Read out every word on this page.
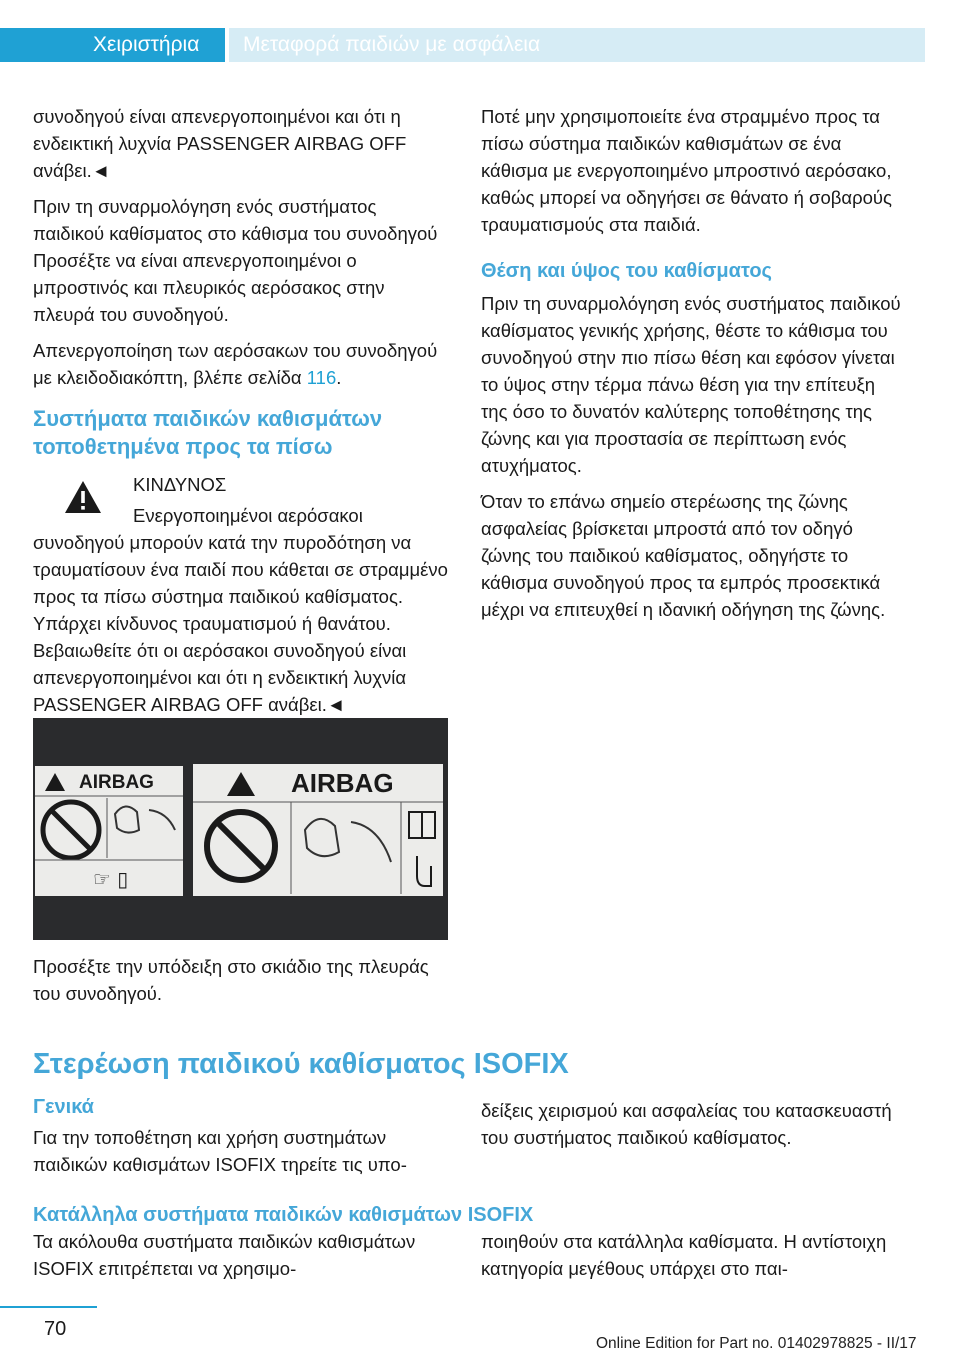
Χειριστήρια	Μεταφορά παιδιών με ασφάλεια

συνοδηγού είναι απενεργοποιημένοι και ότι η ενδεικτική λυχνία PASSENGER AIRBAG OFF ανάβει.◄

Πριν τη συναρμολόγηση ενός συστήματος παιδικού καθίσματος στο κάθισμα του συνοδηγού Προσέξτε να είναι απενεργοποιημένοι ο μπροστινός και πλευρικός αερόσακος στην πλευρά του συνοδηγού.

Απενεργοποίηση των αερόσακων του συνοδηγού με κλειδοδιακόπτη, βλέπε σελίδα 116.

Συστήματα παιδικών καθισμάτων τοποθετημένα προς τα πίσω
ΚΙΝΔΥΝΟΣ

Ενεργοποιημένοι αερόσακοι συνοδηγού μπορούν κατά την πυροδότηση να τραυματίσουν ένα παιδί που κάθεται σε στραμμένο προς τα πίσω σύστημα παιδικού καθίσματος. Υπάρχει κίνδυνος τραυματισμού ή θανάτου. Βεβαιωθείτε ότι οι αερόσακοι συνοδηγού είναι απενεργοποιημένοι και ότι η ενδεικτική λυχνία PASSENGER AIRBAG OFF ανάβει.◄

AIRBAG
☞ ▯
AIRBAG

Προσέξτε την υπόδειξη στο σκιάδιο της πλευράς του συνοδηγού.

Ποτέ μην χρησιμοποιείτε ένα στραμμένο προς τα πίσω σύστημα παιδικών καθισμάτων σε ένα κάθισμα με ενεργοποιημένο μπροστινό αερόσακο, καθώς μπορεί να οδηγήσει σε θάνατο ή σοβαρούς τραυματισμούς στα παιδιά.

Θέση και ύψος του καθίσματος

Πριν τη συναρμολόγηση ενός συστήματος παιδικού καθίσματος γενικής χρήσης, θέστε το κάθισμα του συνοδηγού στην πιο πίσω θέση και εφόσον γίνεται το ύψος στην τέρμα πάνω θέση για την επίτευξη της όσο το δυνατόν καλύτερης τοποθέτησης της ζώνης και για προστασία σε περίπτωση ενός ατυχήματος.

Όταν το επάνω σημείο στερέωσης της ζώνης ασφαλείας βρίσκεται μπροστά από τον οδηγό ζώνης του παιδικού καθίσματος, οδηγήστε το κάθισμα συνοδηγού προς τα εμπρός προσεκτικά μέχρι να επιτευχθεί η ιδανική οδήγηση της ζώνης.

Στερέωση παιδικού καθίσματος ISOFIX
Γενικά

Για την τοποθέτηση και χρήση συστημάτων παιδικών καθισμάτων ISOFIX τηρείτε τις υπο-

δείξεις χειρισμού και ασφαλείας του κατασκευαστή του συστήματος παιδικού καθίσματος.

Κατάλληλα συστήματα παιδικών καθισμάτων ISOFIX

Τα ακόλουθα συστήματα παιδικών καθισμάτων ISOFIX επιτρέπεται να χρησιμο-

ποιηθούν στα κατάλληλα καθίσματα. Η αντίστοιχη κατηγορία μεγέθους υπάρχει στο παι-

70
Online Edition for Part no. 01402978825 - II/17
